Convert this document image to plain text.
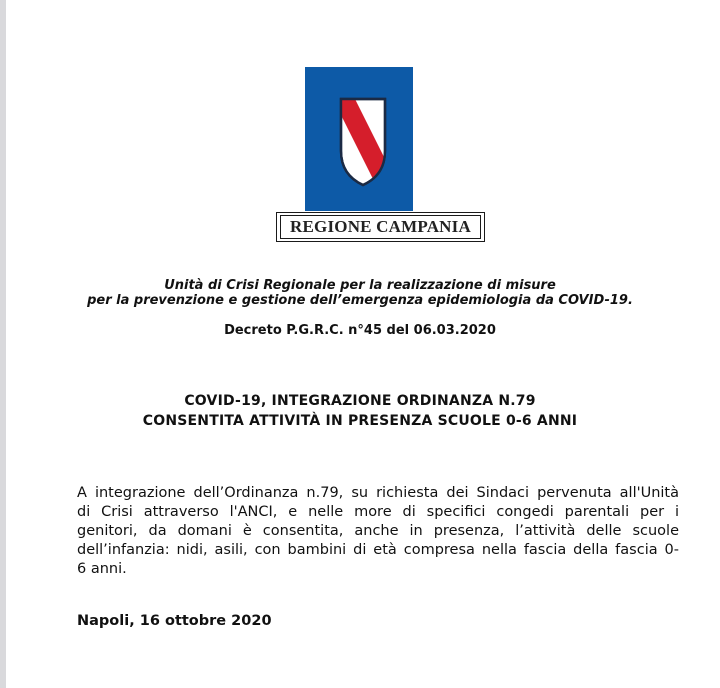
REGIONE CAMPANIA
Unità di Crisi Regionale per la realizzazione di misure
per la prevenzione e gestione dell’emergenza epidemiologia da COVID-19.
Decreto P.G.R.C. n°45 del 06.03.2020
COVID-19, INTEGRAZIONE ORDINANZA N.79
CONSENTITA ATTIVITÀ IN PRESENZA SCUOLE 0-6 ANNI
A integrazione dell’Ordinanza n.79, su richiesta dei Sindaci pervenuta all'Unità
di Crisi attraverso l'ANCI, e nelle more di specifici congedi parentali per i
genitori, da domani è consentita, anche in presenza, l’attività delle scuole
dell’infanzia: nidi, asili, con bambini di età compresa nella fascia della fascia 0-
6 anni.
Napoli, 16 ottobre 2020
